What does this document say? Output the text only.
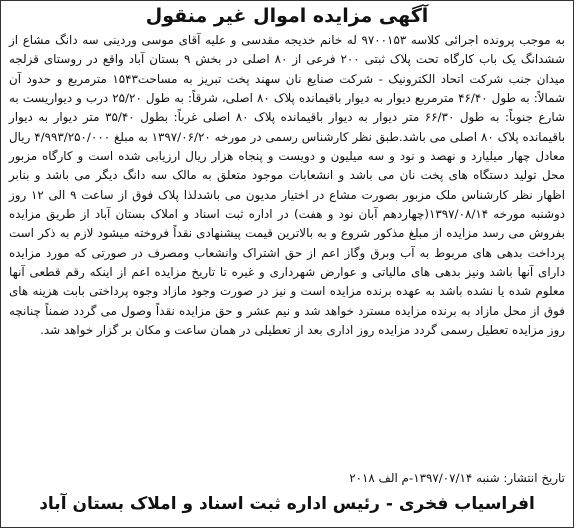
آگهی مزایده اموال غیر منقول

به موجب پرونده اجرائی کلاسه ۹۷۰۰۱۵۳ له خانم خدیجه مقدسی و علیه آقای موسی وردینی سه دانگ مشاع از ششدانگ یک باب کارگاه تحت پلاک ثبتی ۲۰۰ فرعی از ۸۰ اصلی در بخش ۹ بستان آباد واقع در روستای قزلجه میدان جنب شرکت اتحاد الکترونیک - شرکت صنایع نان سهند پخت تبریز به مساحت۱۵۴۳ مترمربع و حدود آن شمالاً: به طول ۴۶/۴۰ مترمربع دیوار به دیوار باقیمانده پلاک ۸۰ اصلی، شرقاً: به طول ۲۵/۲۰ درب و دیواریست به شارع جنوباً: به طول ۶۶/۳۰ متر دیوار به دیوار باقیمانده پلاک ۸۰ اصلی غرباً: بطول ۳۵/۴۰ متر دیوار به دیوار باقیمانده پلاک ۸۰ اصلی می باشد.طبق نظر کارشناس رسمی در مورخه ۱۳۹۷/۰۶/۲۰ به مبلغ ۴/۹۹۳/۲۵۰/۰۰۰ ریال معادل چهار میلیارد و نهصد و نود و سه میلیون و دویست و پنجاه هزار ریال ارزیابی شده است و کارگاه مزبور محل تولید دستگاه های پخت نان می باشد و انشعابات موجود متعلق به مالک سه دانگ دیگر می باشد و بنابر اظهار نظر کارشناس ملک مزبور بصورت مشاع در اختیار مدیون می باشدلذا پلاک فوق از ساعت ۹ الی ۱۲ روز دوشنبه مورخه ۱۳۹۷/۰۸/۱۴(چهاردهم آبان نود و هفت) در اداره ثبت اسناد و املاک بستان آباد از طریق مزایده بفروش می رسد مزایده از مبلغ مذکور شروع و به بالاترین قیمت پیشنهادی نقداً فروخته میشود لازم به ذکر است پرداخت بدهی های مربوط به آب وبرق وگاز اعم از حق اشتراک وانشعاب ومصرف در صورتی که مورد مزایده دارای آنها باشد ونیز بدهی های مالیاتی و عوارض شهرداری و غیره تا تاریخ مزایده اعم از اینکه رقم قطعی آنها معلوم شده یا نشده باشد به عهده برنده مزایده است و نیز در صورت وجود مازاد وجوه پرداختی بابت هزینه های فوق از محل مازاد به برنده مزایده مسترد خواهد شد و نیم عشر و حق مزایده نقداً وصول می گردد ضمناً چنانچه روز مزایده تعطیل رسمی گردد مزایده روز اداری بعد از تعطیلی در همان ساعت و مکان بر گزار خواهد شد.

تاریخ انتشار: شنبه ۱۳۹۷/۰۷/۱۴-م الف ۲۰۱۸
افراسیاب فخری - رئیس اداره ثبت اسناد و املاک بستان آباد
